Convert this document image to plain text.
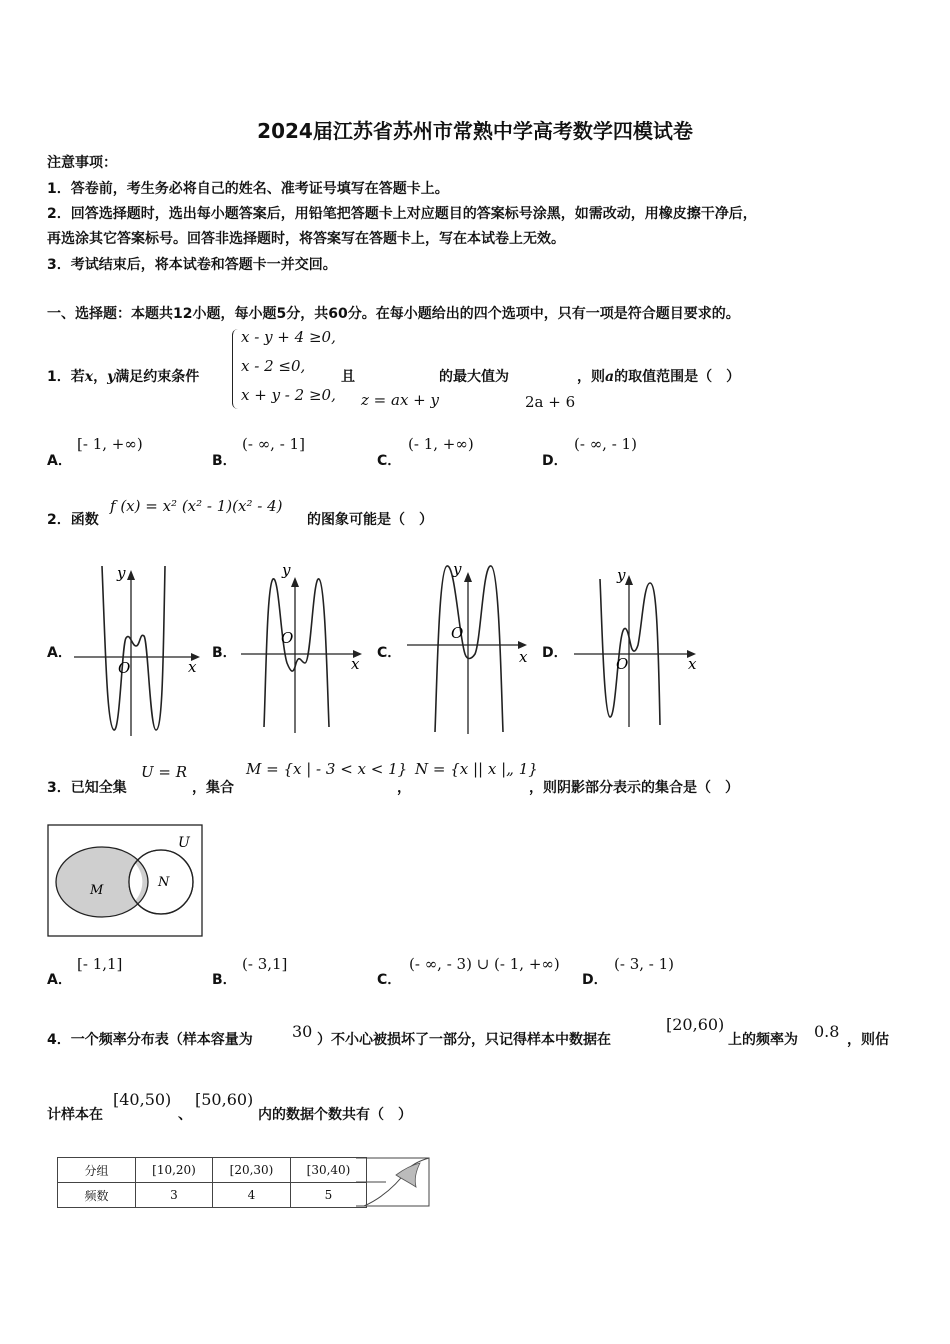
2024届江苏省苏州市常熟中学高考数学四模试卷
注意事项：
1．答卷前，考生务必将自己的姓名、准考证号填写在答题卡上。
2．回答选择题时，选出每小题答案后，用铅笔把答题卡上对应题目的答案标号涂黑，如需改动，用橡皮擦干净后，
再选涂其它答案标号。回答非选择题时，将答案写在答题卡上，写在本试卷上无效。
3．考试结束后，将本试卷和答题卡一并交回。
一、选择题：本题共12小题，每小题5分，共60分。在每小题给出的四个选项中，只有一项是符合题目要求的。
1．若x，y满足约束条件
x - y + 4 ≥0,
x - 2 ≤0,
x + y - 2 ≥0,
且
z = ax + y
的最大值为
2a + 6
，则a的取值范围是（　）
A．
[- 1, +∞)
B．
(- ∞, - 1]
C．
(- 1, +∞)
D．
(- ∞, - 1)
2．函数
f (x) = x² (x² - 1)(x² - 4)
的图象可能是（　）
A．	B．	C．	D．
y
O	x
y
O
x
y
O
x
y
O	x
3．已知全集
U = R
，集合
M = {x | - 3 < x < 1}
，
N = {x || x |„ 1}
，则阴影部分表示的集合是（　）
U
M
N
A．
[- 1,1]
B．
(- 3,1]
C．
(- ∞, - 3) ∪ (- 1, +∞)
D．
(- 3, - 1)
4．一个频率分布表（样本容量为 30 ）不小心被损坏了一部分，只记得样本中数据在
[20,60)
上的频率为 0.8 ，则估
计样本在
[40,50)
、
[50,60)
内的数据个数共有（　）
分组	[10,20)	[20,30)	[30,40)	
频数	3	4	5	
